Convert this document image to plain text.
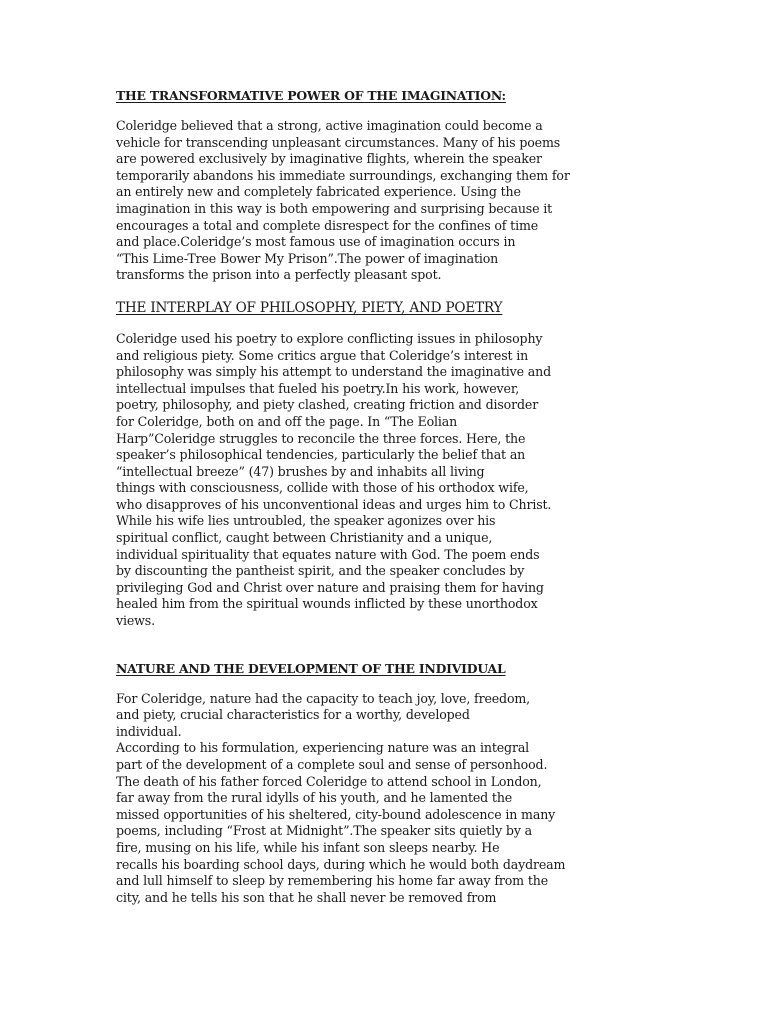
THE TRANSFORMATIVE POWER OF THE IMAGINATION:

Coleridge believed that a strong, active imagination could become a
vehicle for transcending unpleasant circumstances. Many of his poems
are powered exclusively by imaginative flights, wherein the speaker
temporarily abandons his immediate surroundings, exchanging them for
an entirely new and completely fabricated experience. Using the
imagination in this way is both empowering and surprising because it
encourages a total and complete disrespect for the confines of time
and place.Coleridge’s most famous use of imagination occurs in
“This Lime-Tree Bower My Prison”.The power of imagination
transforms the prison into a perfectly pleasant spot.

THE INTERPLAY OF PHILOSOPHY, PIETY, AND POETRY

Coleridge used his poetry to explore conflicting issues in philosophy
and religious piety. Some critics argue that Coleridge’s interest in
philosophy was simply his attempt to understand the imaginative and
intellectual impulses that fueled his poetry.In his work, however,
poetry, philosophy, and piety clashed, creating friction and disorder
for Coleridge, both on and off the page. In “The Eolian
Harp”Coleridge struggles to reconcile the three forces. Here, the
speaker’s philosophical tendencies, particularly the belief that an
“intellectual breeze” (47) brushes by and inhabits all living
things with consciousness, collide with those of his orthodox wife,
who disapproves of his unconventional ideas and urges him to Christ.
While his wife lies untroubled, the speaker agonizes over his
spiritual conflict, caught between Christianity and a unique,
individual spirituality that equates nature with God. The poem ends
by discounting the pantheist spirit, and the speaker concludes by
privileging God and Christ over nature and praising them for having
healed him from the spiritual wounds inflicted by these unorthodox
views.

NATURE AND THE DEVELOPMENT OF THE INDIVIDUAL

For Coleridge, nature had the capacity to teach joy, love, freedom,
and piety, crucial characteristics for a worthy, developed
individual.
According to his formulation, experiencing nature was an integral
part of the development of a complete soul and sense of personhood.
The death of his father forced Coleridge to attend school in London,
far away from the rural idylls of his youth, and he lamented the
missed opportunities of his sheltered, city-bound adolescence in many
poems, including “Frost at Midnight”.The speaker sits quietly by a
fire, musing on his life, while his infant son sleeps nearby. He
recalls his boarding school days, during which he would both daydream
and lull himself to sleep by remembering his home far away from the
city, and he tells his son that he shall never be removed from
